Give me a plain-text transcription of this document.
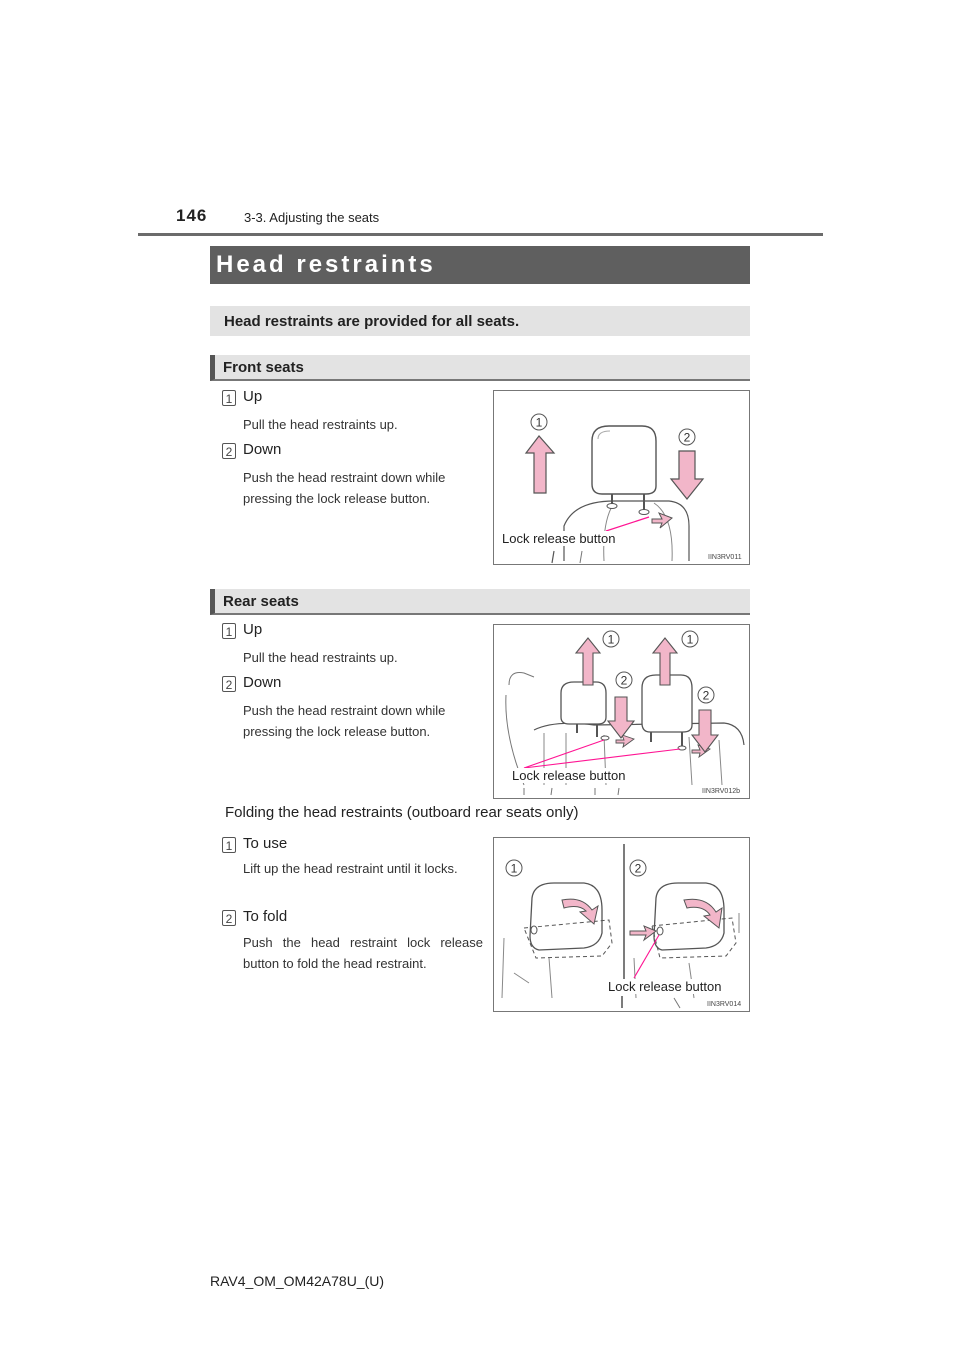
146	3-3. Adjusting the seats
Head restraints
Head restraints are provided for all seats.
Front seats
1 Up
Pull the head restraints up.
2 Down
Push the head restraint down while pressing the lock release button.
1
2
Lock release button
IIN3RV011
Rear seats
1 Up
Pull the head restraints up.
2 Down
Push the head restraint down while pressing the lock release button.
1	1
2
2
Lock release button
IIN3RV012b
Folding the head restraints (outboard rear seats only)
1 To use
Lift up the head restraint until it locks.
2 To fold
Push the head restraint lock release button to fold the head restraint.
1	2
Lock release button
IIN3RV014
RAV4_OM_OM42A78U_(U)
